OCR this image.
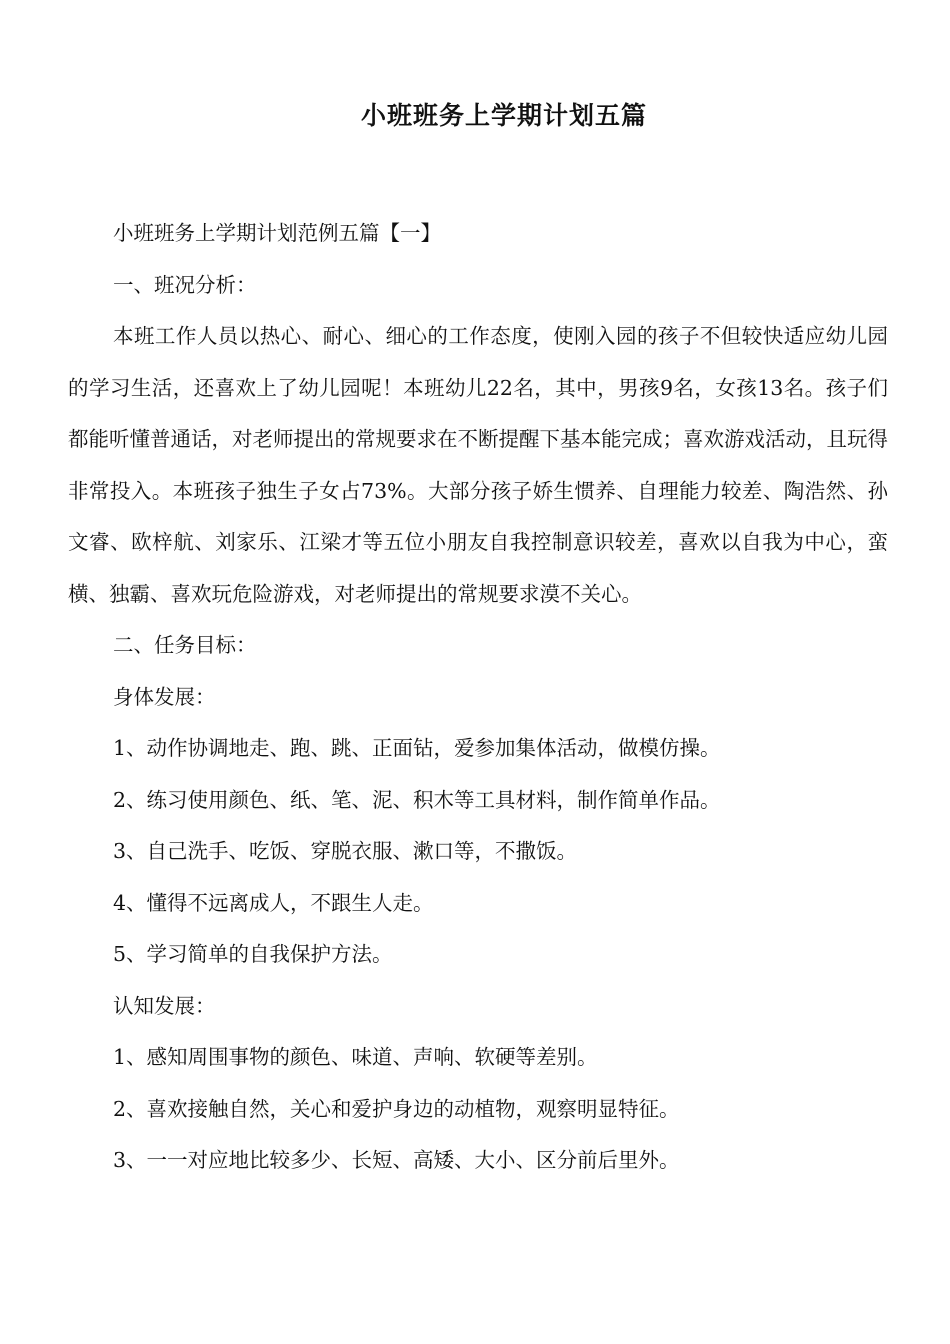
小班班务上学期计划五篇

小班班务上学期计划范例五篇【一】

一、班况分析：

本班工作人员以热心、耐心、细心的工作态度，使刚入园的孩子不但较快适应幼儿园的学习生活，还喜欢上了幼儿园呢！本班幼儿22名，其中，男孩9名，女孩13名。孩子们都能听懂普通话，对老师提出的常规要求在不断提醒下基本能完成；喜欢游戏活动，且玩得非常投入。本班孩子独生子女占73%。大部分孩子娇生惯养、自理能力较差、陶浩然、孙文睿、欧梓航、刘家乐、江梁才等五位小朋友自我控制意识较差，喜欢以自我为中心，蛮横、独霸、喜欢玩危险游戏，对老师提出的常规要求漠不关心。

二、任务目标：

身体发展：

1、动作协调地走、跑、跳、正面钻，爱参加集体活动，做模仿操。

2、练习使用颜色、纸、笔、泥、积木等工具材料，制作简单作品。

3、自己洗手、吃饭、穿脱衣服、漱口等，不撒饭。

4、懂得不远离成人，不跟生人走。

5、学习简单的自我保护方法。

认知发展：

1、感知周围事物的颜色、味道、声响、软硬等差别。

2、喜欢接触自然，关心和爱护身边的动植物，观察明显特征。

3、一一对应地比较多少、长短、高矮、大小、区分前后里外。
